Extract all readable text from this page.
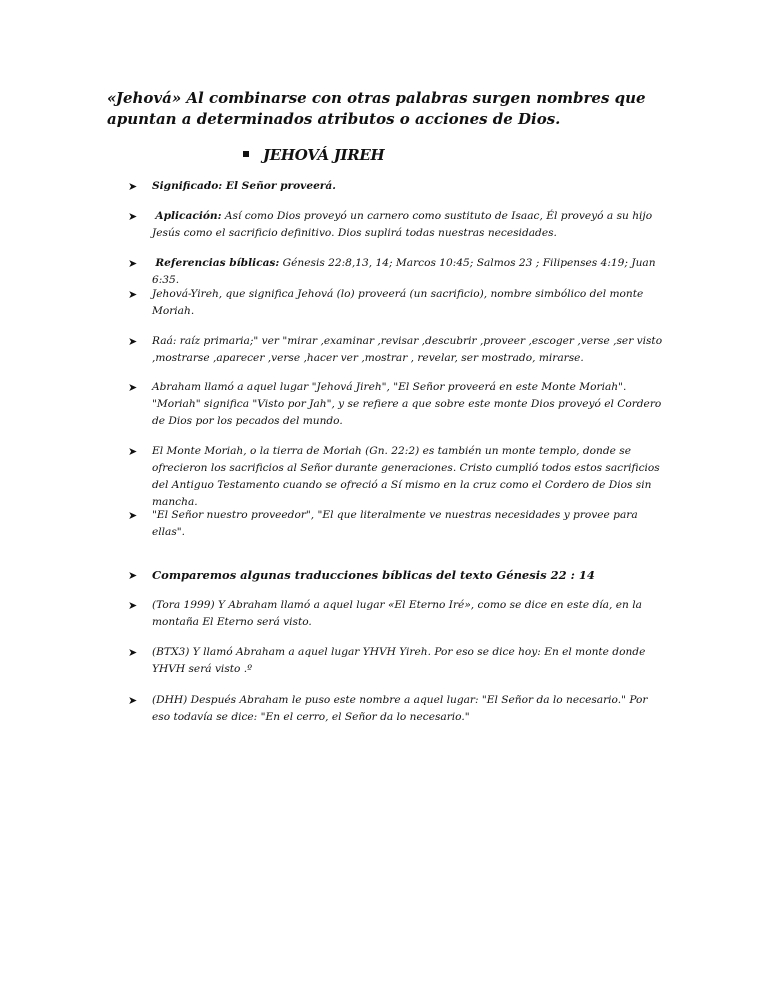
«Jehová» Al combinarse con otras palabras surgen nombres que apuntan a determinados atributos o acciones de Dios.
JEHOVÁ JIREH
➤	Significado: El Señor proveerá.
➤	Aplicación: Así como Dios proveyó un carnero como sustituto de Isaac, Él proveyó a su hijo Jesús como el sacrificio definitivo. Dios suplirá todas nuestras necesidades.
➤	Referencias bíblicas: Génesis 22:8,13, 14; Marcos 10:45; Salmos 23 ; Filipenses 4:19; Juan 6:35.
➤	Jehová-Yireh, que significa Jehová (lo) proveerá (un sacrificio), nombre simbólico del monte Moriah.
➤	Raá: raíz primaria;" ver "mirar ,examinar ,revisar ,descubrir ,proveer ,escoger ,verse ,ser visto ,mostrarse ,aparecer ,verse ,hacer ver ,mostrar , revelar, ser mostrado, mirarse.
➤	Abraham llamó a aquel lugar "Jehová Jireh", "El Señor proveerá en este Monte Moriah". "Moriah" significa "Visto por Jah", y se refiere a que sobre este monte Dios proveyó el Cordero de Dios por los pecados del mundo.
➤	El Monte Moriah, o la tierra de Moriah (Gn. 22:2) es también un monte templo, donde se ofrecieron los sacrificios al Señor durante generaciones. Cristo cumplió todos estos sacrificios del Antiguo Testamento cuando se ofreció a Sí mismo en la cruz como el Cordero de Dios sin mancha.
➤	"El Señor nuestro proveedor", "El que literalmente ve nuestras necesidades y provee para ellas".
➤	Comparemos algunas traducciones bíblicas del texto Génesis 22 : 14
➤	(Tora 1999) Y Abraham llamó a aquel lugar «El Eterno Iré», como se dice en este día, en la montaña El Eterno será visto.
➤	(BTX3) Y llamó Abraham a aquel lugar YHVH Yireh. Por eso se dice hoy: En el monte donde YHVH será visto .º
➤	(DHH) Después Abraham le puso este nombre a aquel lugar: "El Señor da lo necesario." Por eso todavía se dice: "En el cerro, el Señor da lo necesario."
